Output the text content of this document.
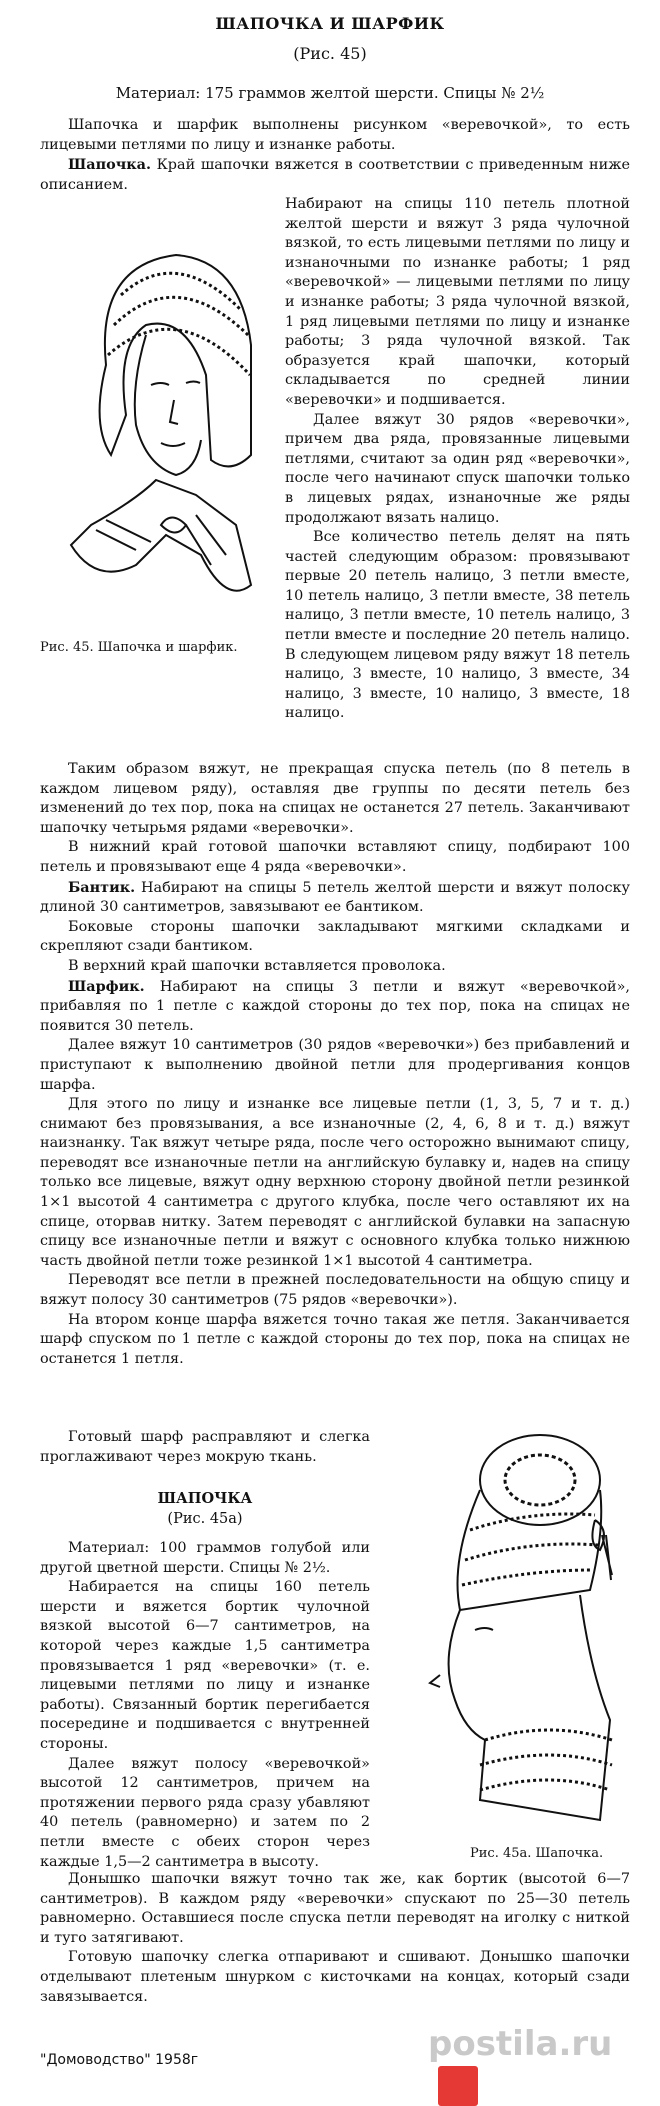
ШАПОЧКА И ШАРФИК
(Рис. 45)
Материал: 175 граммов желтой шерсти. Спицы № 2½

Шапочка и шарфик выполнены рисунком «веревочкой», то есть лицевыми петлями по лицу и изнанке работы.

Шапочка. Край шапочки вяжется в соответствии с приведенным ниже описанием.

Набирают на спицы 110 петель плотной желтой шерсти и вяжут 3 ряда чулочной вязкой, то есть лицевыми петлями по лицу и изнаночными по изнанке работы; 1 ряд «веревочкой» — лицевыми петлями по лицу и изнанке работы; 3 ряда чулочной вязкой, 1 ряд лицевыми петлями по лицу и изнанке работы; 3 ряда чулочной вязкой. Так образуется край шапочки, который складывается по средней линии «веревочки» и подшивается.

Далее вяжут 30 рядов «веревочки», причем два ряда, провязанные лицевыми петлями, считают за один ряд «веревочки», после чего начинают спуск шапочки только в лицевых рядах, изнаночные же ряды продолжают вязать налицо.

Все количество петель делят на пять частей следующим образом: провязывают первые 20 петель налицо, 3 петли вместе, 10 петель налицо, 3 петли вместе, 38 петель налицо, 3 петли вместе, 10 петель налицо, 3 петли вместе и последние 20 петель налицо. В следующем лицевом ряду вяжут 18 петель налицо, 3 вместе, 10 налицо, 3 вместе, 34 налицо, 3 вместе, 10 налицо, 3 вместе, 18 налицо.

Рис. 45. Шапочка и шарфик.

Таким образом вяжут, не прекращая спуска петель (по 8 петель в каждом лицевом ряду), оставляя две группы по десяти петель без изменений до тех пор, пока на спицах не останется 27 петель. Заканчивают шапочку четырьмя рядами «веревочки».

В нижний край готовой шапочки вставляют спицу, подбирают 100 петель и провязывают еще 4 ряда «веревочки».

Бантик. Набирают на спицы 5 петель желтой шерсти и вяжут полоску длиной 30 сантиметров, завязывают ее бантиком.

Боковые стороны шапочки закладывают мягкими складками и скрепляют сзади бантиком.

В верхний край шапочки вставляется проволока.

Шарфик. Набирают на спицы 3 петли и вяжут «веревочкой», прибавляя по 1 петле с каждой стороны до тех пор, пока на спицах не появится 30 петель.

Далее вяжут 10 сантиметров (30 рядов «веревочки») без прибавлений и приступают к выполнению двойной петли для продергивания концов шарфа.

Для этого по лицу и изнанке все лицевые петли (1, 3, 5, 7 и т. д.) снимают без провязывания, а все изнаночные (2, 4, 6, 8 и т. д.) вяжут наизнанку. Так вяжут четыре ряда, после чего осторожно вынимают спицу, переводят все изнаночные петли на английскую булавку и, надев на спицу только все лицевые, вяжут одну верхнюю сторону двойной петли резинкой 1×1 высотой 4 сантиметра с другого клубка, после чего оставляют их на спице, оторвав нитку. Затем переводят с английской булавки на запасную спицу все изнаночные петли и вяжут с основного клубка только нижнюю часть двойной петли тоже резинкой 1×1 высотой 4 сантиметра.

Переводят все петли в прежней последовательности на общую спицу и вяжут полосу 30 сантиметров (75 рядов «веревочки»).

На втором конце шарфа вяжется точно такая же петля. Заканчивается шарф спуском по 1 петле с каждой стороны до тех пор, пока на спицах не останется 1 петля.

Готовый шарф расправляют и слегка проглаживают через мокрую ткань.

ШАПОЧКА
(Рис. 45а)

Материал: 100 граммов голубой или другой цветной шерсти. Спицы № 2½.

Набирается на спицы 160 петель шерсти и вяжется бортик чулочной вязкой высотой 6—7 сантиметров, на которой через каждые 1,5 сантиметра провязывается 1 ряд «веревочки» (т. е. лицевыми петлями по лицу и изнанке работы). Связанный бортик перегибается посередине и подшивается с внутренней стороны.

Далее вяжут полосу «веревочкой» высотой 12 сантиметров, причем на протяжении первого ряда сразу убавляют 40 петель (равномерно) и затем по 2 петли вместе с обеих сторон через каждые 1,5—2 сантиметра в высоту.	Рис. 45а. Шапочка.

Донышко шапочки вяжут точно так же, как бортик (высотой 6—7 сантиметров). В каждом ряду «веревочки» спускают по 25—30 петель равномерно. Оставшиеся после спуска петли переводят на иголку с ниткой и туго затягивают.

Готовую шапочку слегка отпаривают и сшивают. Донышко шапочки отделывают плетеным шнурком с кисточками на концах, который сзади завязывается.

"Домоводство" 1958г	postila.ru
